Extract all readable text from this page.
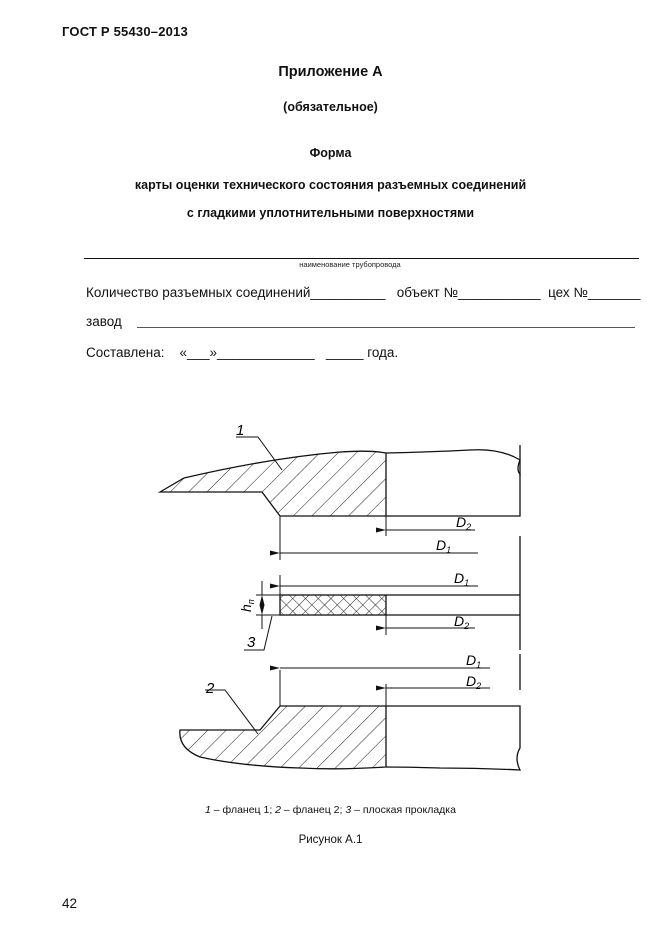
ГОСТ Р 55430–2013
Приложение А
(обязательное)
Форма
карты оценки технического состояния разъемных соединений
с гладкими уплотнительными поверхностями
наименование трубопровода
Количество разъемных соединений__________   объект №___________  цех №_______
завод
Составлена:    «___»_____________   _____ года.
1
3
2
$D_2$
$D_1$
$D_1$
$D_2$
$D_1$
$D_2$
$h_п$
1 – фланец 1; 2 – фланец 2; 3 – плоская прокладка
Рисунок А.1
42
